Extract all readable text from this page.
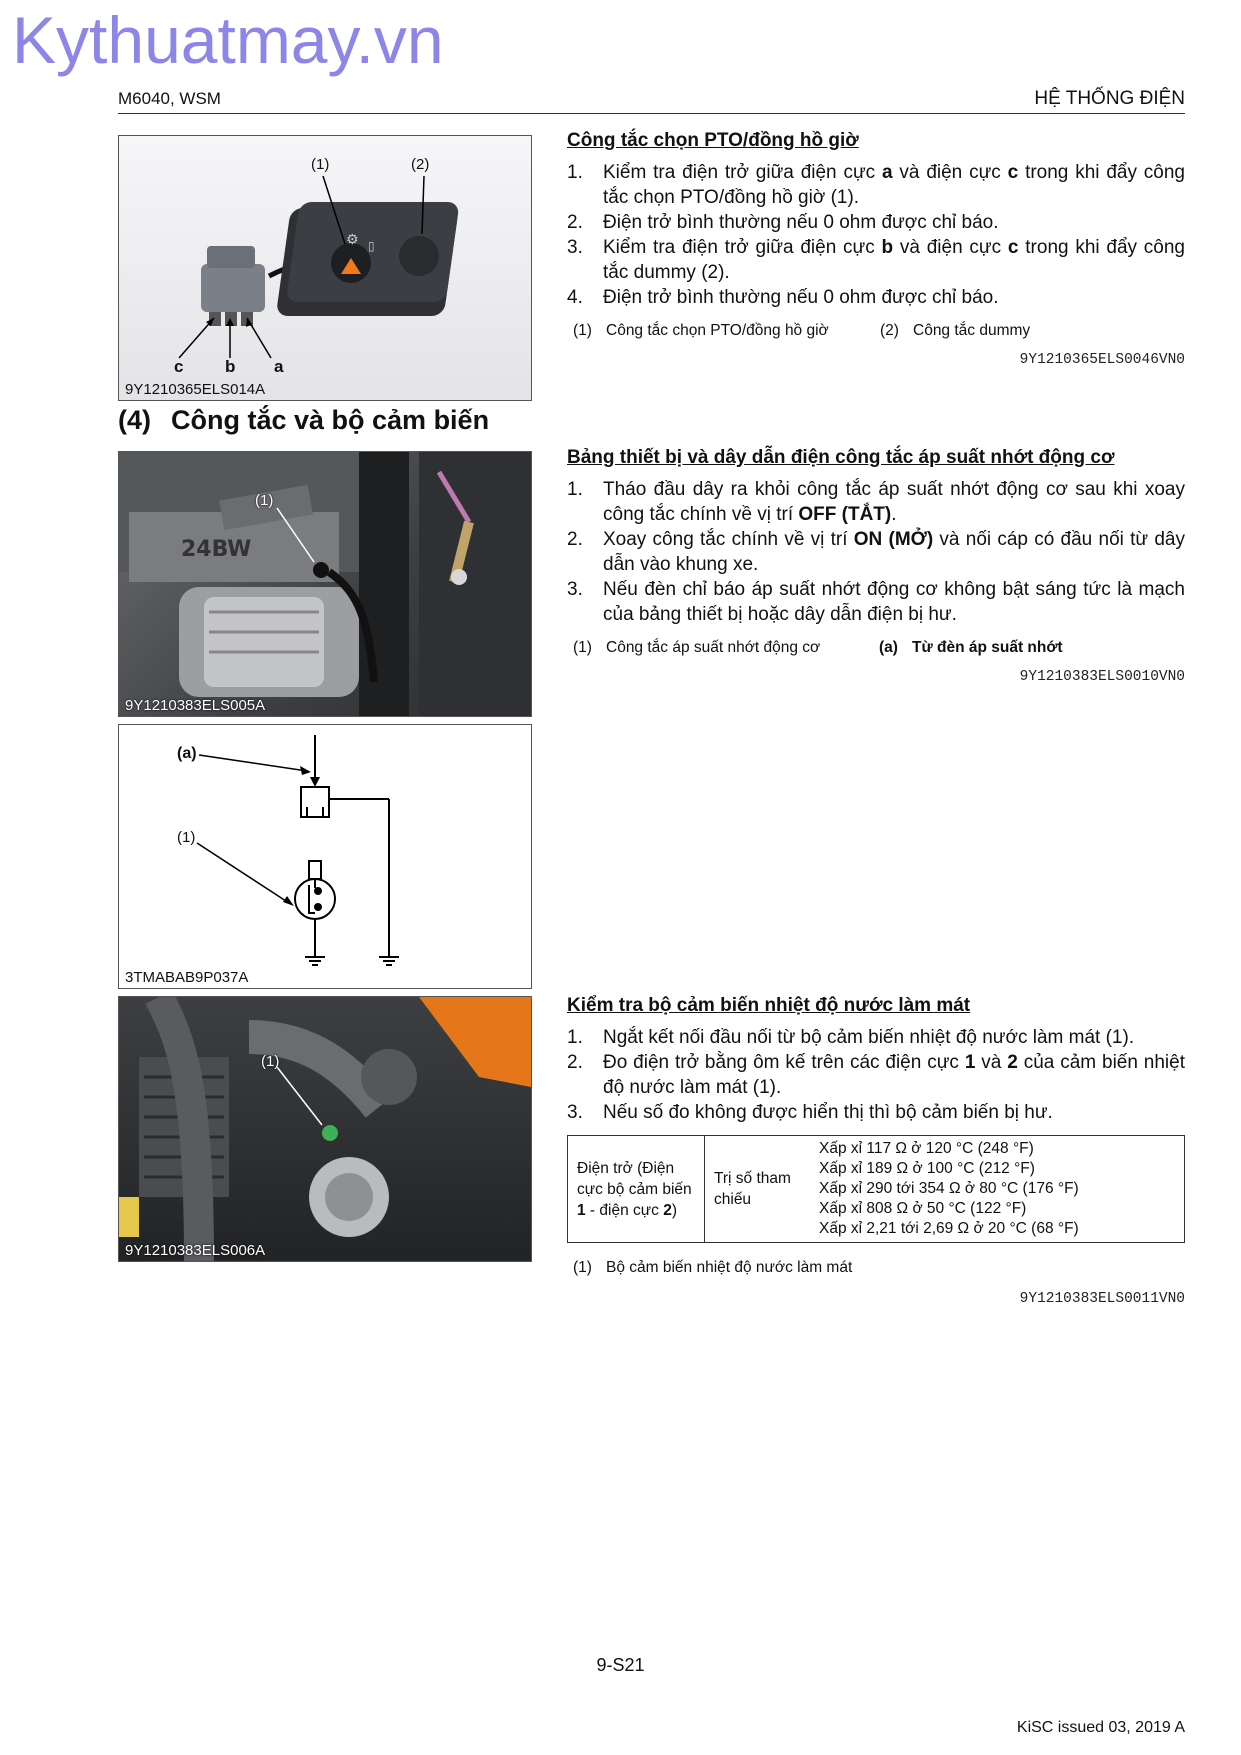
Kythuatmay.vn
M6040, WSM	HỆ THỐNG ĐIỆN
⚙ ▯
(1)	(2)
c b a
9Y1210365ELS014A
Công tắc chọn PTO/đồng hồ giờ
1. Kiểm tra điện trở giữa điện cực a và điện cực c trong khi đẩy công tắc chọn PTO/đồng hồ giờ (1).
2. Điện trở bình thường nếu 0 ohm được chỉ báo.
3. Kiểm tra điện trở giữa điện cực b và điện cực c trong khi đẩy công tắc dummy (2).
4. Điện trở bình thường nếu 0 ohm được chỉ báo.
(1) Công tắc chọn PTO/đồng hồ giờ	(2) Công tắc dummy
9Y1210365ELS0046VN0
(4) Công tắc và bộ cảm biến
24BW
(1)
9Y1210383ELS005A
Bảng thiết bị và dây dẫn điện công tắc áp suất nhớt động cơ
1. Tháo đầu dây ra khỏi công tắc áp suất nhớt động cơ sau khi xoay công tắc chính về vị trí OFF (TẮT).
2. Xoay công tắc chính về vị trí ON (MỞ) và nối cáp có đầu nối từ dây dẫn vào khung xe.
3. Nếu đèn chỉ báo áp suất nhớt động cơ không bật sáng tức là mạch của bảng thiết bị hoặc dây dẫn điện bị hư.
(1) Công tắc áp suất nhớt động cơ	(a) Từ đèn áp suất nhớt
9Y1210383ELS0010VN0
(a)
(1)
3TMABAB9P037A
(1)
9Y1210383ELS006A
Kiểm tra bộ cảm biến nhiệt độ nước làm mát
1. Ngắt kết nối đầu nối từ bộ cảm biến nhiệt độ nước làm mát (1).
2. Đo điện trở bằng ôm kế trên các điện cực 1 và 2 của cảm biến nhiệt độ nước làm mát (1).
3. Nếu số đo không được hiển thị thì bộ cảm biến bị hư.
Điện trở (Điện cực bộ cảm biến 1 - điện cực 2)	Trị số tham chiếu	
Xấp xỉ 117 Ω ở 120 °C (248 °F)
Xấp xỉ 189 Ω ở 100 °C (212 °F)
Xấp xỉ 290 tới 354 Ω ở 80 °C (176 °F)
Xấp xỉ 808 Ω ở 50 °C (122 °F)
Xấp xỉ 2,21 tới 2,69 Ω ở 20 °C (68 °F)
(1) Bộ cảm biến nhiệt độ nước làm mát
9Y1210383ELS0011VN0
9-S21
KiSC issued 03, 2019 A
